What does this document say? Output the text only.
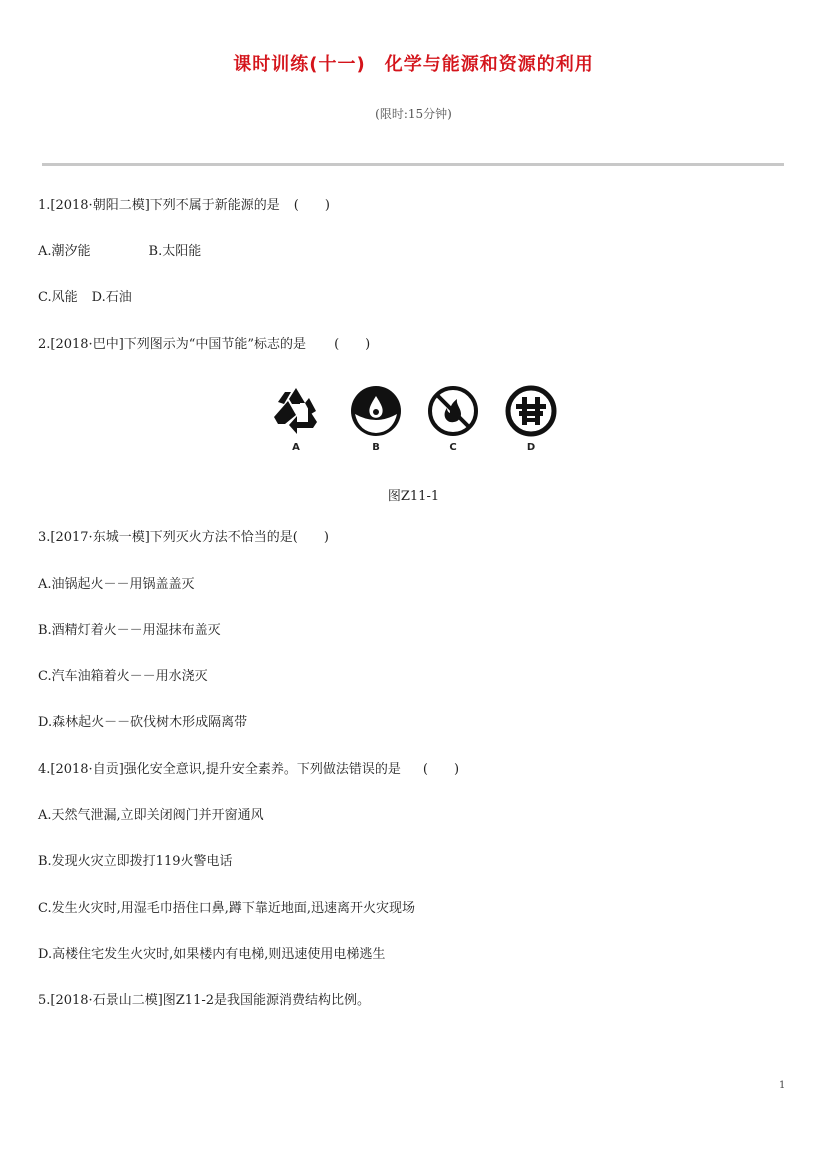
课时训练(十一)　化学与能源和资源的利用
(限时:15分钟)
1.[2018·朝阳二模]下列不属于新能源的是 (　　)
A.潮汐能	B.太阳能
C.风能 D.石油
2.[2018·巴中]下列图示为“中国节能”标志的是 (　　)
A	B	C	D
图Z11-1
3.[2017·东城一模]下列灭火方法不恰当的是(　　)
A.油锅起火－－用锅盖盖灭
B.酒精灯着火－－用湿抹布盖灭
C.汽车油箱着火－－用水浇灭
D.森林起火－－砍伐树木形成隔离带
4.[2018·自贡]强化安全意识,提升安全素养。下列做法错误的是 (　　)
A.天然气泄漏,立即关闭阀门并开窗通风
B.发现火灾立即拨打119火警电话
C.发生火灾时,用湿毛巾捂住口鼻,蹲下靠近地面,迅速离开火灾现场
D.高楼住宅发生火灾时,如果楼内有电梯,则迅速使用电梯逃生
5.[2018·石景山二模]图Z11-2是我国能源消费结构比例。
1
